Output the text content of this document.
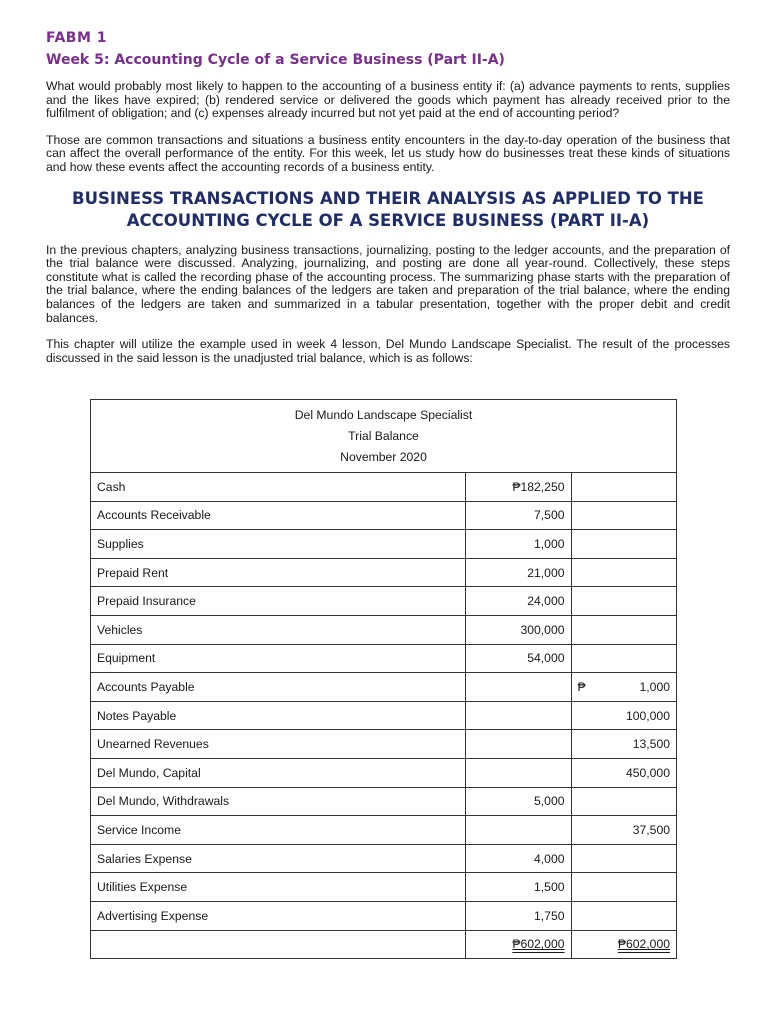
FABM 1
Week 5: Accounting Cycle of a Service Business (Part II-A)

What would probably most likely to happen to the accounting of a business entity if: (a) advance payments to rents, supplies and the likes have expired; (b) rendered service or delivered the goods which payment has already received prior to the fulfilment of obligation; and (c) expenses already incurred but not yet paid at the end of accounting period?

Those are common transactions and situations a business entity encounters in the day-to-day operation of the business that can affect the overall performance of the entity. For this week, let us study how do businesses treat these kinds of situations and how these events affect the accounting records of a business entity.

BUSINESS TRANSACTIONS AND THEIR ANALYSIS AS APPLIED TO THE ACCOUNTING CYCLE OF A SERVICE BUSINESS (PART II-A)

In the previous chapters, analyzing business transactions, journalizing, posting to the ledger accounts, and the preparation of the trial balance were discussed. Analyzing, journalizing, and posting are done all year-round. Collectively, these steps constitute what is called the recording phase of the accounting process. The summarizing phase starts with the preparation of the trial balance, where the ending balances of the ledgers are taken and preparation of the trial balance, where the ending balances of the ledgers are taken and summarized in a tabular presentation, together with the proper debit and credit balances.

This chapter will utilize the example used in week 4 lesson, Del Mundo Landscape Specialist. The result of the processes discussed in the said lesson is the unadjusted trial balance, which is as follows:

Del Mundo Landscape Specialist
Trial Balance
November 2020		

Cash	₱182,250	
Accounts Receivable	7,500	
Supplies	1,000	
Prepaid Rent	21,000	
Prepaid Insurance	24,000	
Vehicles	300,000	
Equipment	54,000	
Accounts Payable		₱ 1,000

Notes Payable		100,000
Unearned Revenues		13,500
Del Mundo, Capital		450,000
Del Mundo, Withdrawals	5,000	
Service Income		37,500
Salaries Expense	4,000	
Utilities Expense	1,500	
Advertising Expense	1,750	
	₱602,000	₱602,000
